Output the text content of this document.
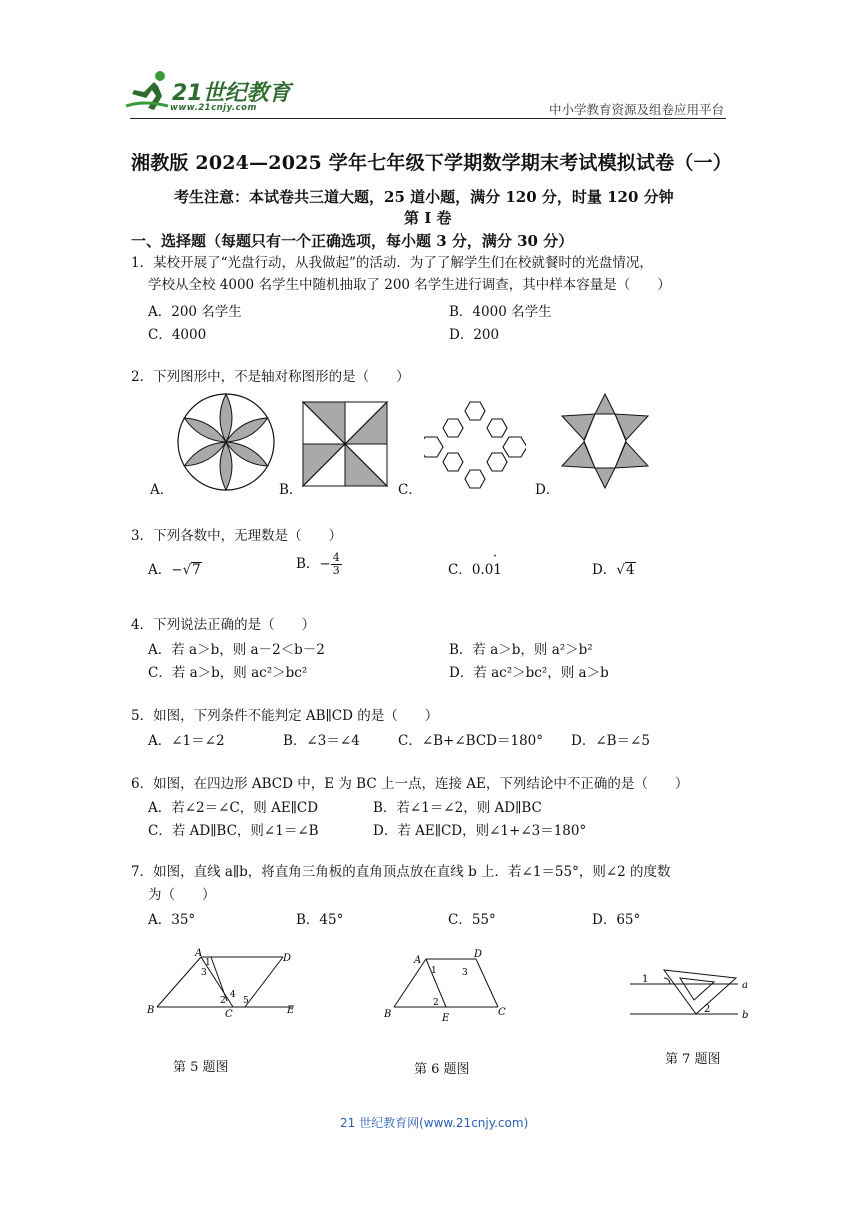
21世纪教育
www.21cnjy.com	中小学教育资源及组卷应用平台
湘教版 2024—2025 学年七年级下学期数学期末考试模拟试卷（一）
考生注意：本试卷共三道大题，25 道小题，满分 120 分，时量 120 分钟
第 I 卷
一、选择题（每题只有一个正确选项，每小题 3 分，满分 30 分）
1．某校开展了“光盘行动，从我做起”的活动．为了了解学生们在校就餐时的光盘情况，
学校从全校 4000 名学生中随机抽取了 200 名学生进行调查，其中样本容量是（　　）
A．200 名学生	B．4000 名学生
C．4000	D．200
2．下列图形中，不是轴对称图形的是（　　）
A．	B．	C．	D．
3．下列各数中，无理数是（　　）
A．−√7	B．− $\frac{4}{3}$	C．0.01
·
D．√4
4．下列说法正确的是（　　）
A．若 a＞b，则 a－2＜b－2	B．若 a＞b，则 a²＞b²
C．若 a＞b，则 ac²＞bc²	D．若 ac²＞bc²，则 a＞b
5．如图，下列条件不能判定 AB∥CD 的是（　　）
A．∠1＝∠2	B．∠3＝∠4	C．∠B+∠BCD＝180° D．∠B＝∠5
6．如图，在四边形 ABCD 中，E 为 BC 上一点，连接 AE，下列结论中不正确的是（　　）
A．若∠2＝∠C，则 AE∥CD	B．若∠1＝∠2，则 AD∥BC
C．若 AD∥BC，则∠1＝∠B	D．若 AE∥CD，则∠1+∠3＝180°
7．如图，直线 a∥b，将直角三角板的直角顶点放在直线 b 上．若∠1＝55°，则∠2 的度数
为（　　）
A．35°	B．45°	C．55°	D．65°
A	D
B	C	E
1
3
2
4
5
第 5 题图
A
D
B	E
C
1	3
2
第 6 题图
1
2
a
b
第 7 题图
21 世纪教育网(www.21cnjy.com)
